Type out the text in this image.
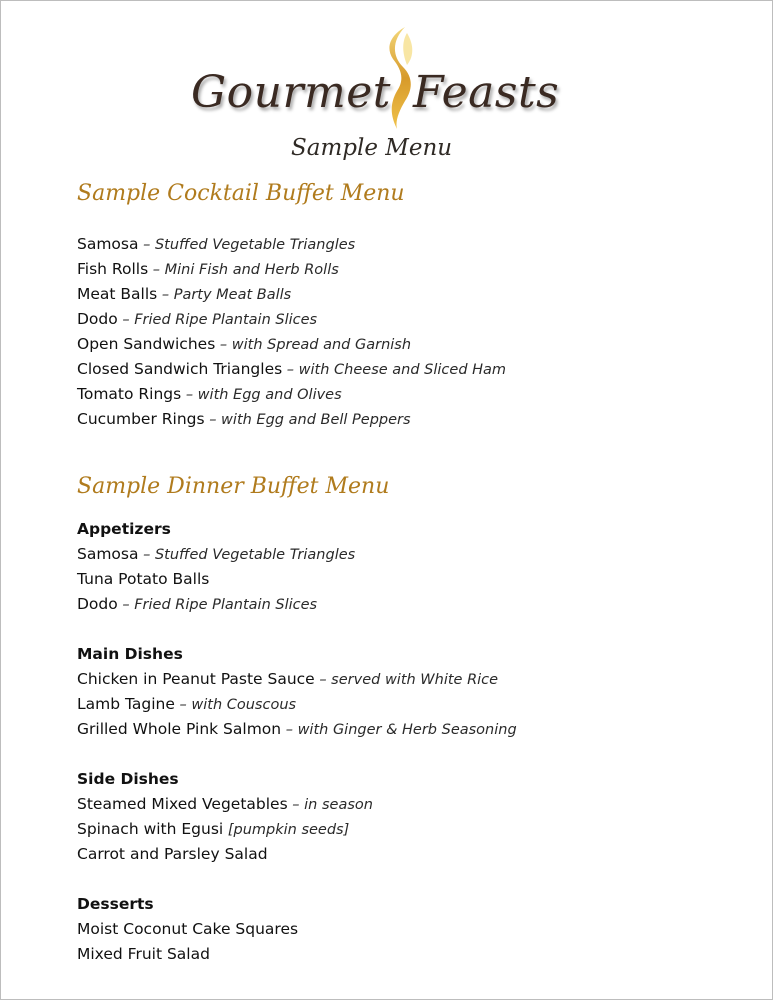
Gourmet Feasts
Sample Menu
Sample Cocktail Buffet Menu
Samosa – Stuffed Vegetable Triangles
Fish Rolls – Mini Fish and Herb Rolls
Meat Balls – Party Meat Balls
Dodo – Fried Ripe Plantain Slices
Open Sandwiches – with Spread and Garnish
Closed Sandwich Triangles – with Cheese and Sliced Ham
Tomato Rings – with Egg and Olives
Cucumber Rings – with Egg and Bell Peppers
Sample Dinner Buffet Menu
Appetizers
Samosa – Stuffed Vegetable Triangles
Tuna Potato Balls
Dodo – Fried Ripe Plantain Slices
Main Dishes
Chicken in Peanut Paste Sauce – served with White Rice
Lamb Tagine – with Couscous
Grilled Whole Pink Salmon – with Ginger & Herb Seasoning
Side Dishes
Steamed Mixed Vegetables – in season
Spinach with Egusi [pumpkin seeds]
Carrot and Parsley Salad
Desserts
Moist Coconut Cake Squares
Mixed Fruit Salad
